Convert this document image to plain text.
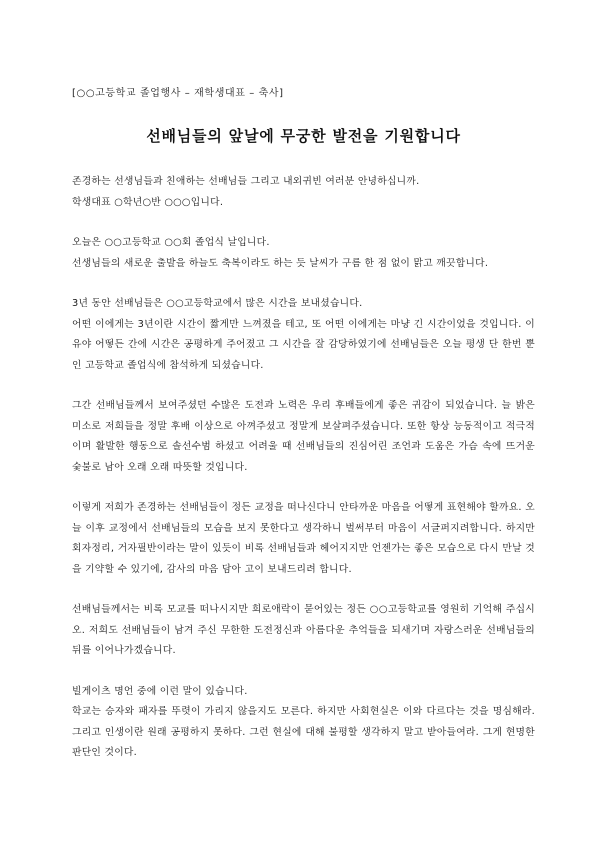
[○○고등학교 졸업행사 – 재학생대표 – 축사]
선배님들의 앞날에 무궁한 발전을 기원합니다
존경하는 선생님들과 친애하는 선배님들 그리고 내외귀빈 여러분 안녕하십니까.
학생대표 ○학년○반 ○○○입니다.
오늘은 ○○고등학교 ○○회 졸업식 날입니다.
선생님들의 새로운 출발을 하늘도 축복이라도 하는 듯 날씨가 구름 한 점 없이 맑고 깨끗합니다.
3년 동안 선배님들은 ○○고등학교에서 많은 시간을 보내셨습니다.
어떤 이에게는 3년이란 시간이 짧게만 느껴졌을 테고, 또 어떤 이에게는 마냥 긴 시간이었을 것입니다. 이유야 어떻든 간에 시간은 공평하게 주어졌고 그 시간을 잘 감당하였기에 선배님들은 오늘 평생 단 한번 뿐인 고등학교 졸업식에 참석하게 되셨습니다.
그간 선배님들께서 보여주셨던 수많은 도전과 노력은 우리 후배들에게 좋은 귀감이 되었습니다. 늘 밝은 미소로 저희들을 정말 후배 이상으로 아껴주셨고 정말게 보살펴주셨습니다. 또한 항상 능동적이고 적극적이며 활발한 행동으로 솔선수범 하셨고 어려울 때 선배님들의 진심어린 조언과 도움은 가슴 속에 뜨거운 숯불로 남아 오래 오래 따뜻할 것입니다.
이렇게 저희가 존경하는 선배님들이 정든 교정을 떠나신다니 안타까운 마음을 어떻게 표현해야 할까요. 오늘 이후 교정에서 선배님들의 모습을 보지 못한다고 생각하니 벌써부터 마음이 서글퍼지려합니다. 하지만 회자정리, 거자필반이라는 말이 있듯이 비록 선배님들과 헤어지지만 언젠가는 좋은 모습으로 다시 만날 것을 기약할 수 있기에, 감사의 마음 담아 고이 보내드리려 합니다.
선배님들께서는 비록 모교를 떠나시지만 희로애락이 묻어있는 정든 ○○고등학교를 영원히 기억해 주십시오. 저희도 선배님들이 남겨 주신 무한한 도전정신과 아름다운 추억들을 되새기며 자랑스러운 선배님들의 뒤를 이어나가겠습니다.
빌게이츠 명언 중에 이런 말이 있습니다.
학교는 승자와 패자를 뚜렷이 가리지 않을지도 모른다. 하지만 사회현실은 이와 다르다는 것을 명심해라. 그리고 인생이란 원래 공평하지 못하다. 그런 현실에 대해 불평할 생각하지 말고 받아들여라. 그게 현명한 판단인 것이다.
